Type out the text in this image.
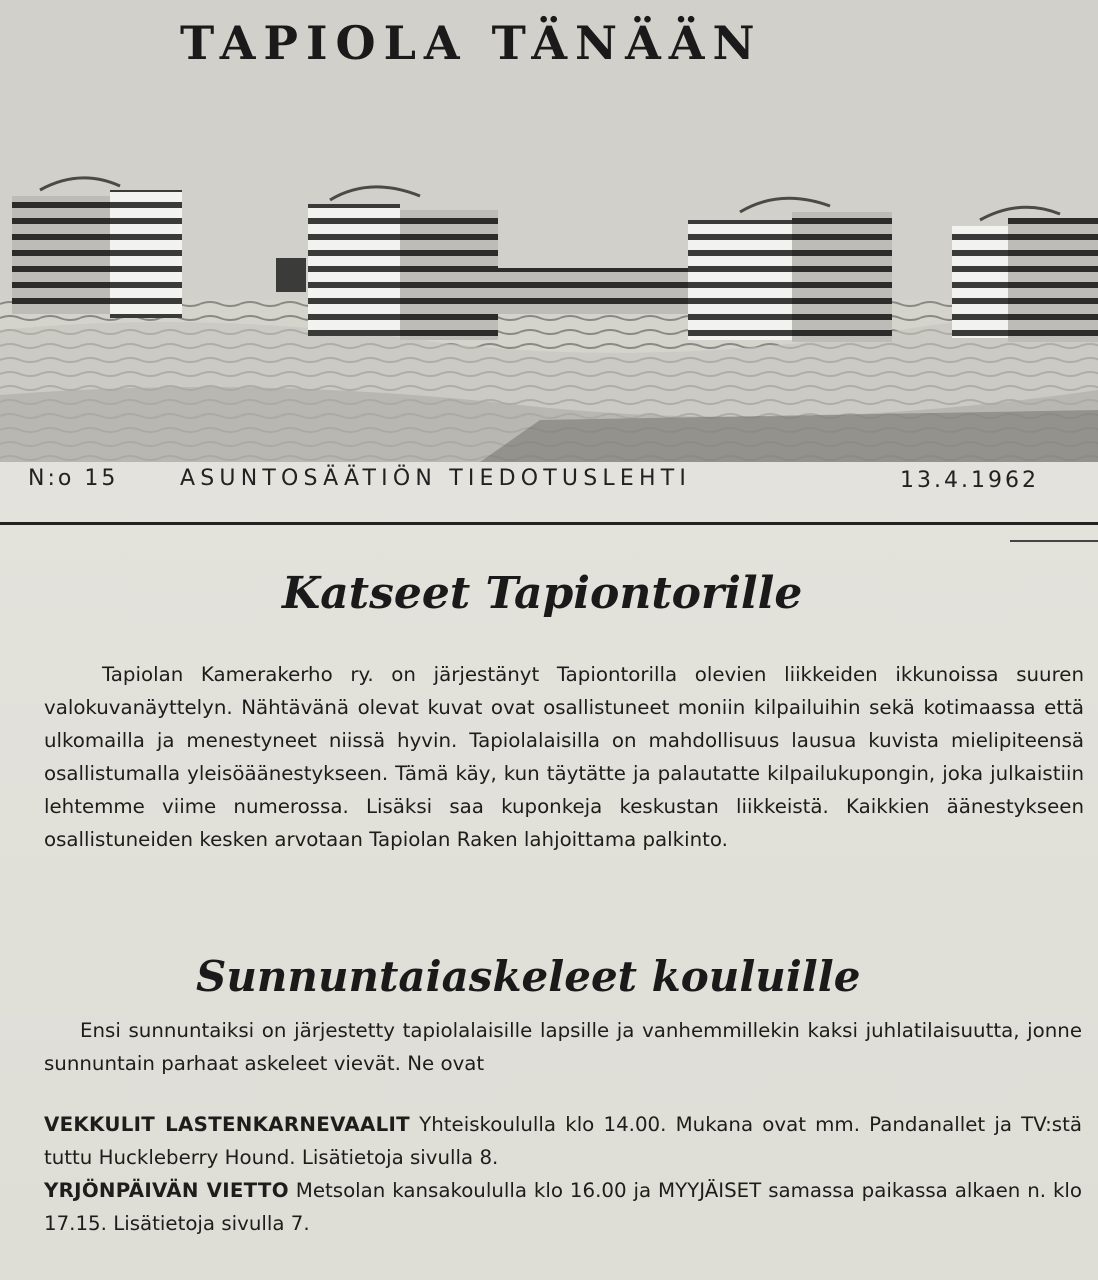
TAPIOLA TÄNÄÄN
N:o 15	ASUNTOSÄÄTIÖN TIEDOTUSLEHTI	13.4.1962
Katseet Tapiontorille

Tapiolan Kamerakerho ry. on järjestänyt Tapiontorilla olevien liikkeiden ikkunoissa suuren valokuvanäyttelyn. Nähtävänä olevat kuvat ovat osallistuneet moniin kilpailuihin sekä kotimaassa että ulkomailla ja menestyneet niissä hyvin. Tapiolalaisilla on mahdollisuus lausua kuvista mielipiteensä osallistumalla yleisöäänestykseen. Tämä käy, kun täytätte ja palautatte kilpailukupongin, joka julkaistiin lehtemme viime numerossa. Lisäksi saa kuponkeja keskustan liikkeistä. Kaikkien äänestykseen osallistuneiden kesken arvotaan Tapiolan Raken lahjoittama palkinto.

Sunnuntaiaskeleet kouluille

Ensi sunnuntaiksi on järjestetty tapiolalaisille lapsille ja vanhemmillekin kaksi juhlatilaisuutta, jonne sunnuntain parhaat askeleet vievät. Ne ovat

VEKKULIT LASTENKARNEVAALIT Yhteiskoululla klo 14.00. Mukana ovat mm. Pandanallet ja TV:stä tuttu Huckleberry Hound. Lisätietoja sivulla 8.

YRJÖNPÄIVÄN VIETTO Metsolan kansakoululla klo 16.00 ja MYYJÄISET samassa paikassa alkaen n. klo 17.15. Lisätietoja sivulla 7.
